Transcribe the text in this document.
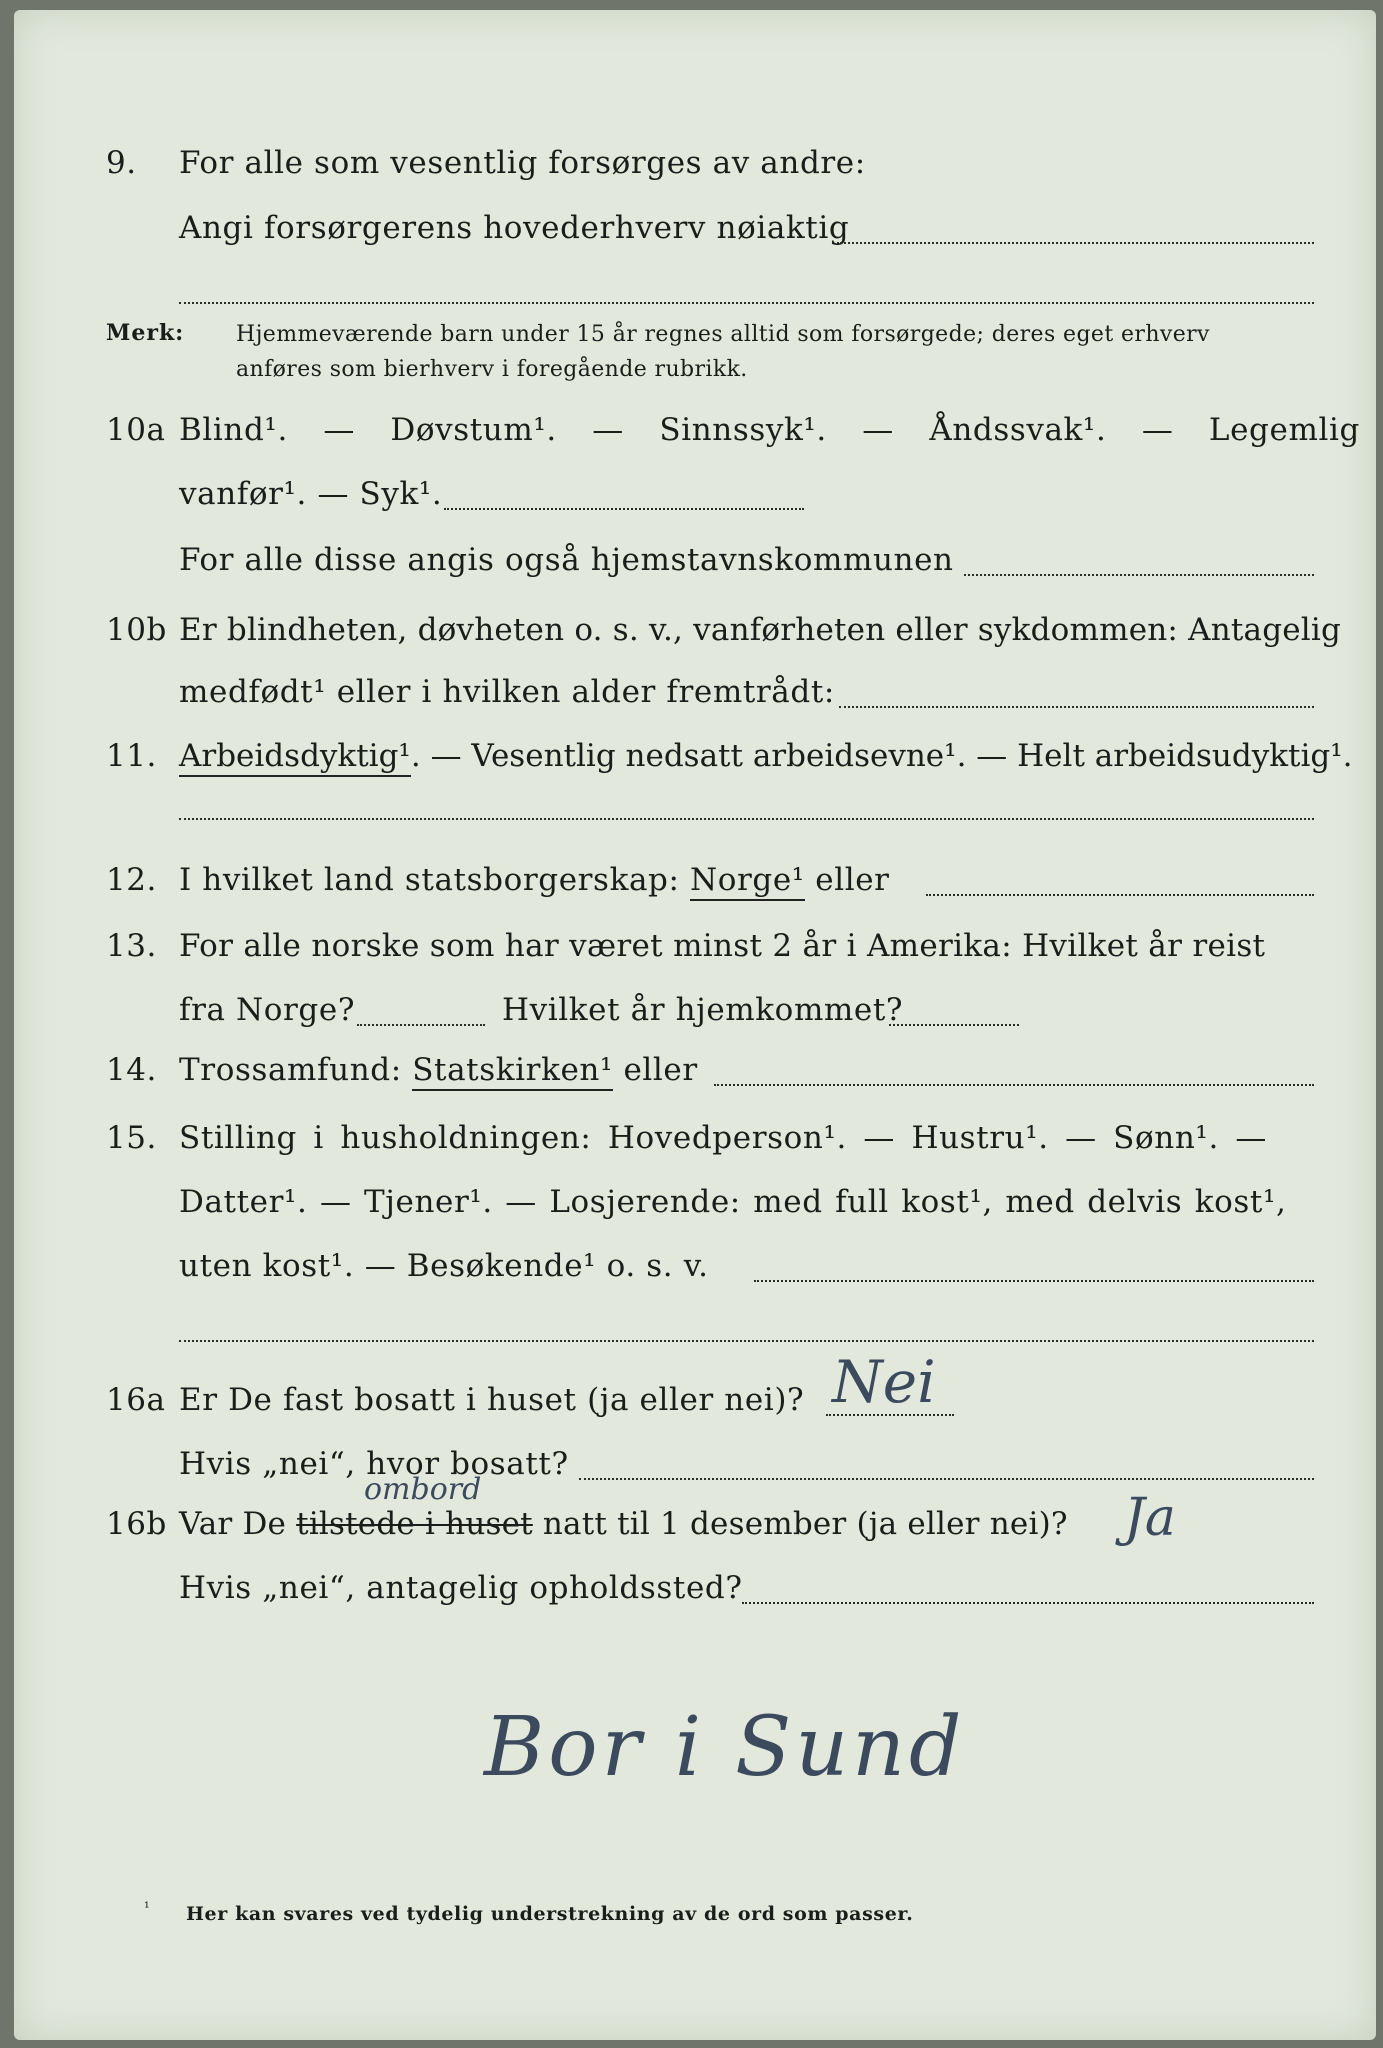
9. For alle som vesentlig forsørges av andre:
Angi forsørgerens hovederhverv nøiaktig
Merk: Hjemmeværende barn under 15 år regnes alltid som forsørgede; deres eget erhverv
anføres som bierhverv i foregående rubrikk.
10a Blind¹. — Døvstum¹. — Sinnssyk¹. — Åndssvak¹. — Legemlig
vanfør¹. — Syk¹.
For alle disse angis også hjemstavnskommunen
10b Er blindheten, døvheten o. s. v., vanførheten eller sykdommen: Antagelig
medfødt¹ eller i hvilken alder fremtrådt:
11. Arbeidsdyktig¹. — Vesentlig nedsatt arbeidsevne¹. — Helt arbeidsudyktig¹.
12. I hvilket land statsborgerskap: Norge¹ eller
13. For alle norske som har været minst 2 år i Amerika: Hvilket år reist
fra Norge?	Hvilket år hjemkommet?
14. Trossamfund: Statskirken¹ eller
15. Stilling i husholdningen: Hovedperson¹. — Hustru¹. — Sønn¹. —
Datter¹. — Tjener¹. — Losjerende: med full kost¹, med delvis kost¹,
uten kost¹. — Besøkende¹ o. s. v.
16a Er De fast bosatt i huset (ja eller nei)? Nei
Hvis „nei“, hvor bosatt?
16b Var De tilstede i huset natt til 1 desember (ja eller nei)?
ombord	Ja
Hvis „nei“, antagelig opholdssted?
Bor i Sund
¹ Her kan svares ved tydelig understrekning av de ord som passer.
